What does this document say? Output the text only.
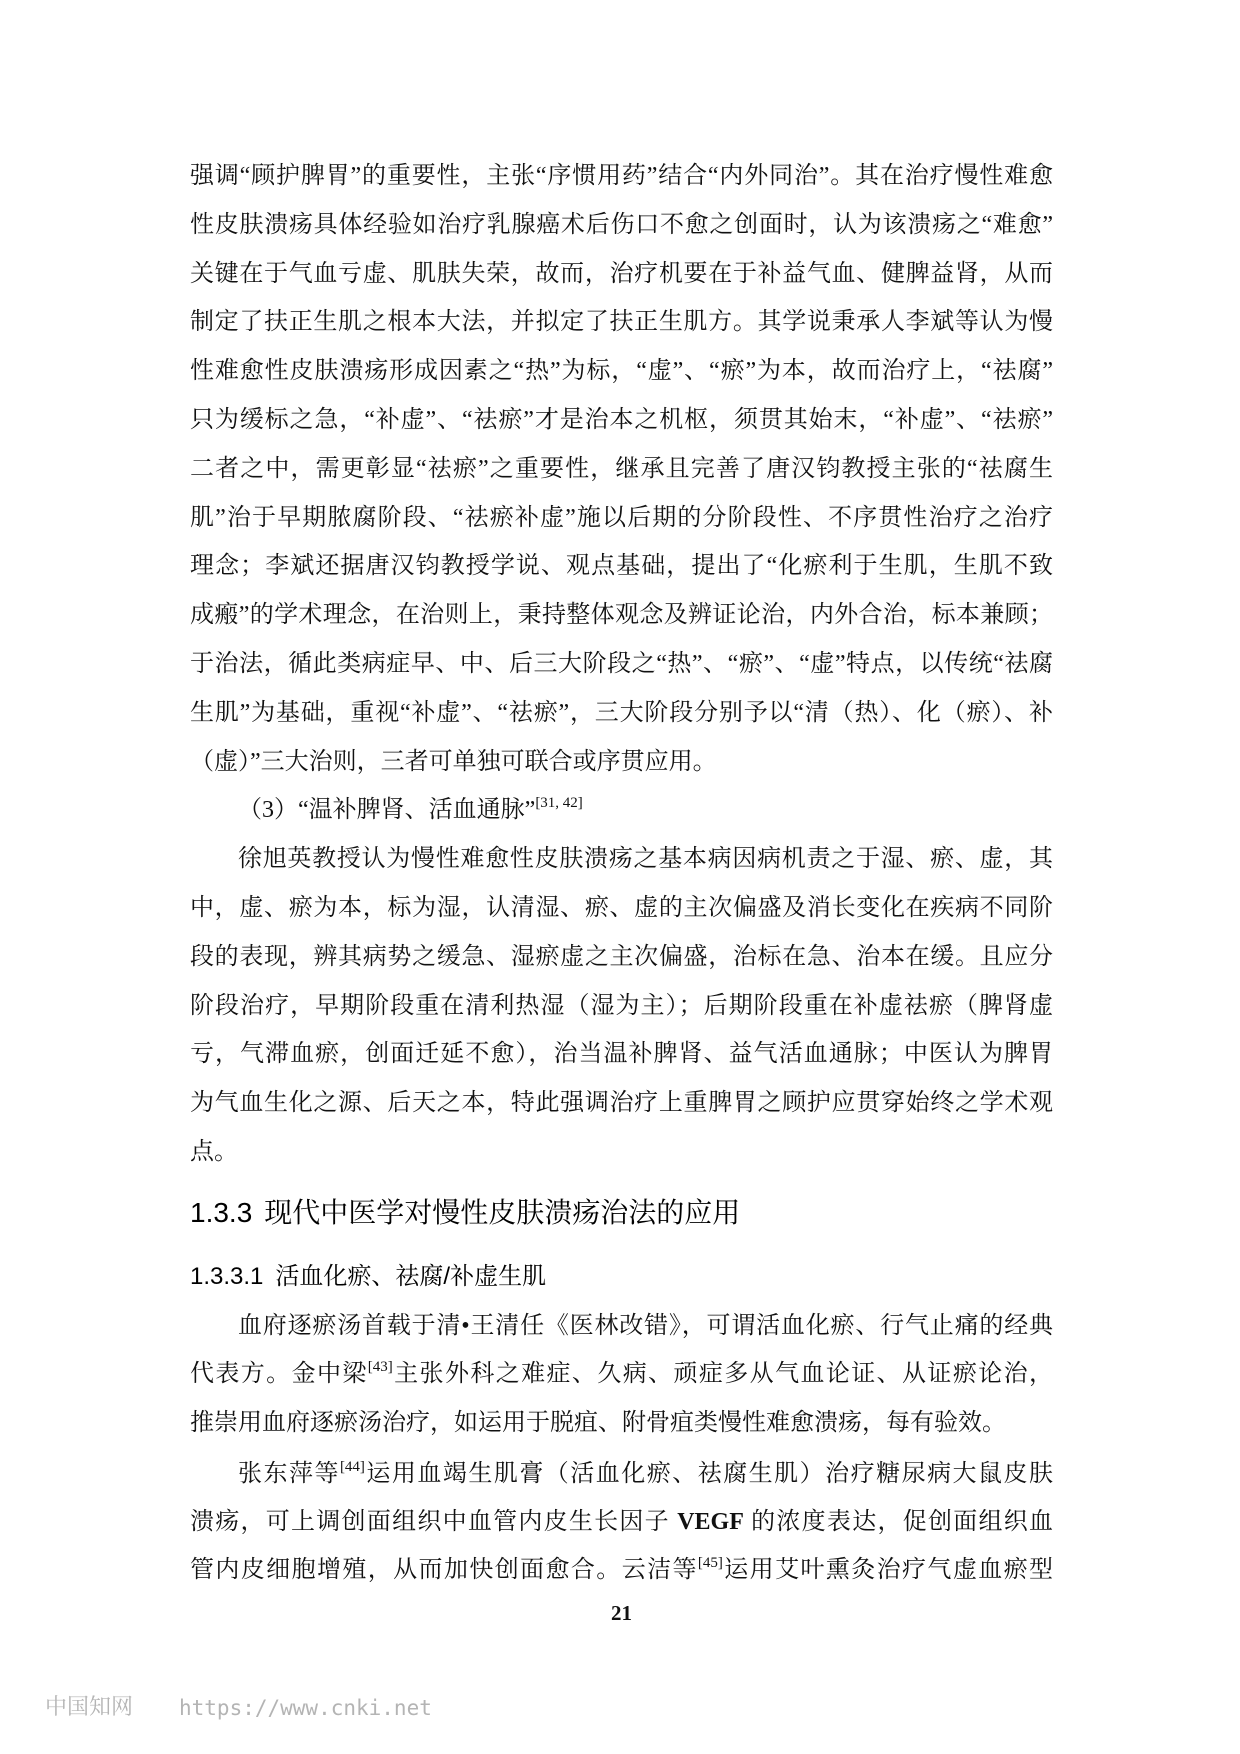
强调“顾护脾胃”的重要性，主张“序惯用药”结合“内外同治”。其在治疗慢性难愈
性皮肤溃疡具体经验如治疗乳腺癌术后伤口不愈之创面时，认为该溃疡之“难愈”
关键在于气血亏虚、肌肤失荣，故而，治疗机要在于补益气血、健脾益肾，从而
制定了扶正生肌之根本大法，并拟定了扶正生肌方。其学说秉承人李斌等认为慢
性难愈性皮肤溃疡形成因素之“热”为标，“虚”、“瘀”为本，故而治疗上，“祛腐”
只为缓标之急，“补虚”、“祛瘀”才是治本之机枢，须贯其始末，“补虚”、“祛瘀”
二者之中，需更彰显“祛瘀”之重要性，继承且完善了唐汉钧教授主张的“祛腐生
肌”治于早期脓腐阶段、“祛瘀补虚”施以后期的分阶段性、不序贯性治疗之治疗
理念；李斌还据唐汉钧教授学说、观点基础，提出了“化瘀利于生肌，生肌不致
成瘢”的学术理念，在治则上，秉持整体观念及辨证论治，内外合治，标本兼顾；
于治法，循此类病症早、中、后三大阶段之“热”、“瘀”、“虚”特点，以传统“祛腐
生肌”为基础，重视“补虚”、“祛瘀”，三大阶段分别予以“清（热）、化（瘀）、补
（虚）”三大治则，三者可单独可联合或序贯应用。
（3）“温补脾肾、活血通脉”[31, 42]
徐旭英教授认为慢性难愈性皮肤溃疡之基本病因病机责之于湿、瘀、虚，其
中，虚、瘀为本，标为湿，认清湿、瘀、虚的主次偏盛及消长变化在疾病不同阶
段的表现，辨其病势之缓急、湿瘀虚之主次偏盛，治标在急、治本在缓。且应分
阶段治疗，早期阶段重在清利热湿（湿为主）；后期阶段重在补虚祛瘀（脾肾虚
亏，气滞血瘀，创面迁延不愈），治当温补脾肾、益气活血通脉；中医认为脾胃
为气血生化之源、后天之本，特此强调治疗上重脾胃之顾护应贯穿始终之学术观
点。
1.3.3 现代中医学对慢性皮肤溃疡治法的应用
1.3.3.1 活血化瘀、祛腐/补虚生肌
血府逐瘀汤首载于清•王清任《医林改错》，可谓活血化瘀、行气止痛的经典
代表方。金中梁[43]主张外科之难症、久病、顽症多从气血论证、从证瘀论治，
推崇用血府逐瘀汤治疗，如运用于脱疽、附骨疽类慢性难愈溃疡，每有验效。
张东萍等[44]运用血竭生肌膏（活血化瘀、祛腐生肌）治疗糖尿病大鼠皮肤
溃疡，可上调创面组织中血管内皮生长因子 VEGF 的浓度表达，促创面组织血
管内皮细胞增殖，从而加快创面愈合。云洁等[45]运用艾叶熏灸治疗气虚血瘀型
21
中国知网 https://www.cnki.net
